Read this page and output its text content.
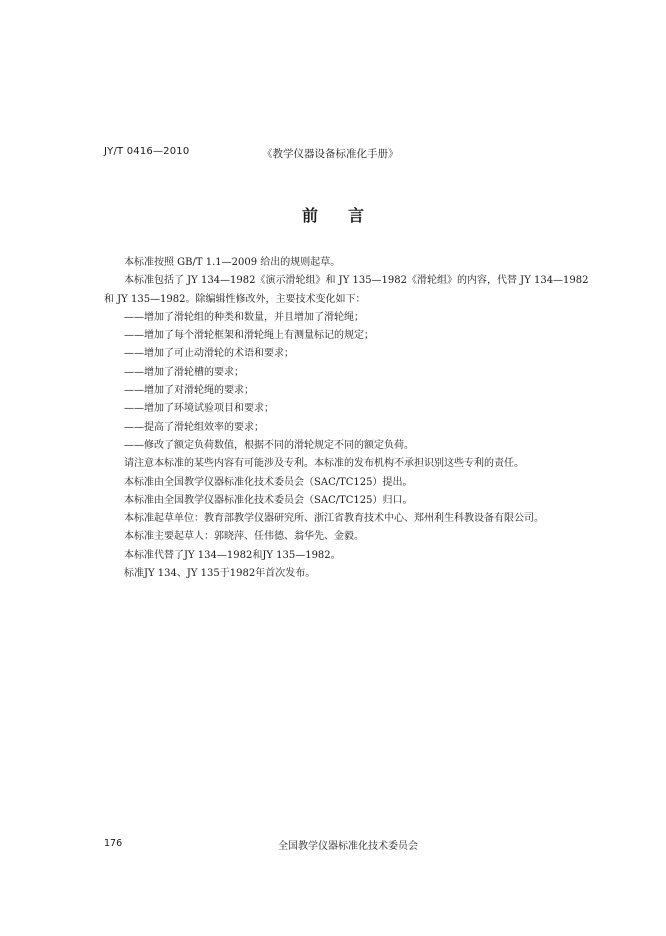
JY/T 0416—2010	《教学仪器设备标准化手册》
前言
本标准按照 GB/T 1.1—2009 给出的规则起草。
本标准包括了 JY 134—1982《演示滑轮组》和 JY 135—1982《滑轮组》的内容，代替 JY 134—1982
和 JY 135—1982。除编辑性修改外，主要技术变化如下：
——增加了滑轮组的种类和数量，并且增加了滑轮绳；
——增加了每个滑轮框架和滑轮绳上有测量标记的规定；
——增加了可止动滑轮的术语和要求；
——增加了滑轮槽的要求；
——增加了对滑轮绳的要求；
——增加了环境试验项目和要求；
——提高了滑轮组效率的要求；
——修改了额定负荷数值，根据不同的滑轮规定不同的额定负荷。
请注意本标准的某些内容有可能涉及专利。本标准的发布机构不承担识别这些专利的责任。
本标准由全国教学仪器标准化技术委员会（SAC/TC125）提出。
本标准由全国教学仪器标准化技术委员会（SAC/TC125）归口。
本标准起草单位：教育部教学仪器研究所、浙江省教育技术中心、郑州利生科教设备有限公司。
本标准主要起草人：郭晓萍、任伟德、翁华先、金毅。
本标准代替了JY 134—1982和JY 135—1982。
标准JY 134、JY 135于1982年首次发布。
176	全国教学仪器标准化技术委员会
